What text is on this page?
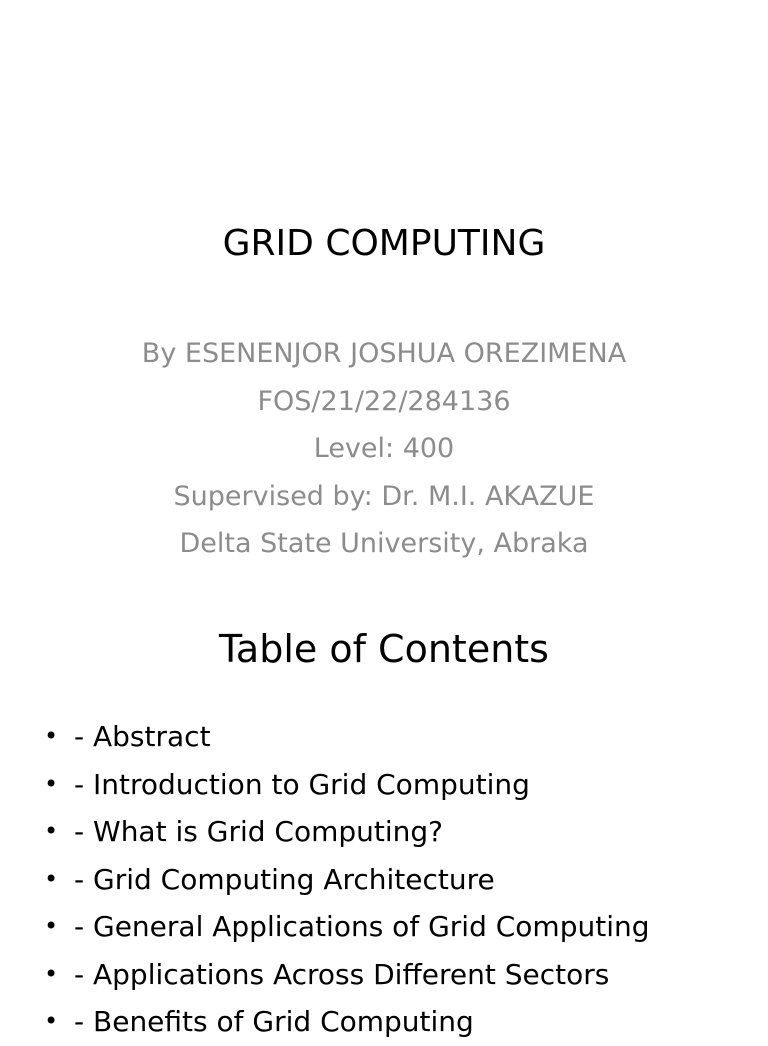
GRID COMPUTING
By ESENENJOR JOSHUA OREZIMENA
FOS/21/22/284136
Level: 400
Supervised by: Dr. M.I. AKAZUE
Delta State University, Abraka
Table of Contents
• - Abstract
• - Introduction to Grid Computing
• - What is Grid Computing?
• - Grid Computing Architecture
• - General Applications of Grid Computing
• - Applications Across Different Sectors
• - Benefits of Grid Computing
